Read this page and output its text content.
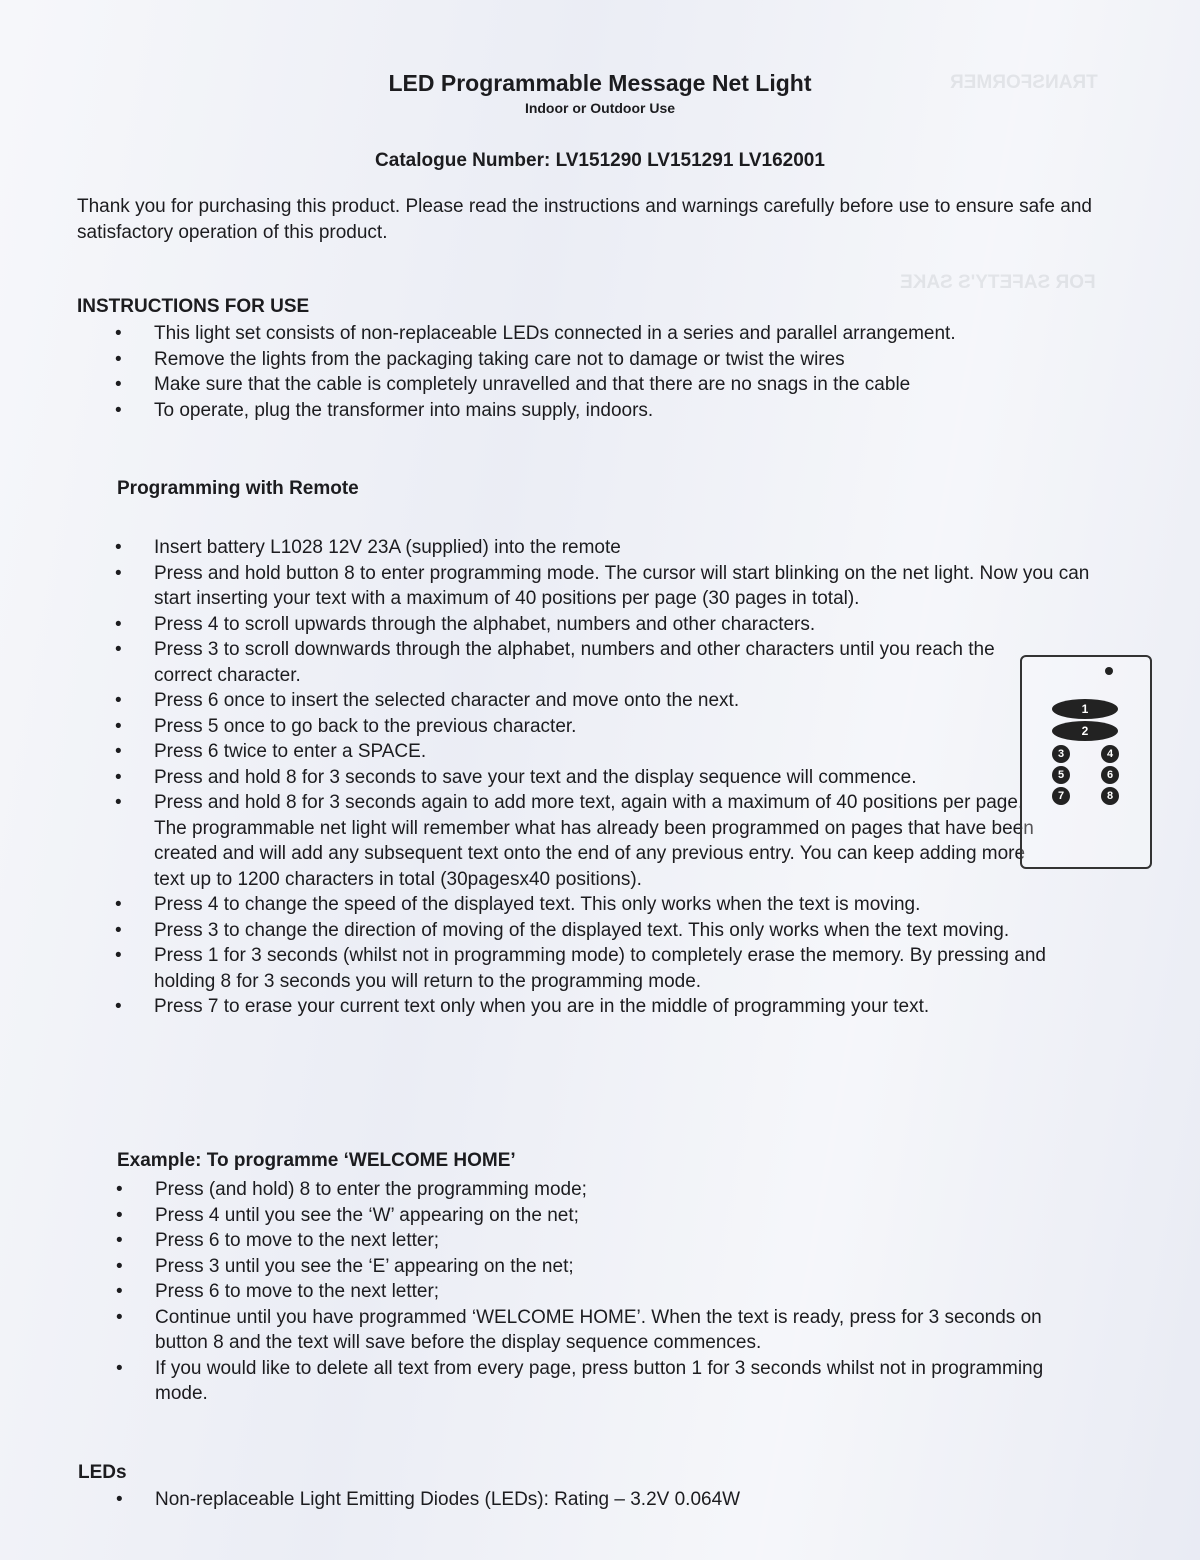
TRANSFORMER
FOR SAFETY'S SAKE
LED Programmable Message Net Light
Indoor or Outdoor Use
Catalogue Number: LV151290 LV151291 LV162001

Thank you for purchasing this product. Please read the instructions and warnings carefully before use to ensure safe and satisfactory operation of this product.

INSTRUCTIONS FOR USE
• This light set consists of non-replaceable LEDs connected in a series and parallel arrangement.
• Remove the lights from the packaging taking care not to damage or twist the wires
• Make sure that the cable is completely unravelled and that there are no snags in the cable
• To operate, plug the transformer into mains supply, indoors.
Programming with Remote
• Insert battery L1028 12V 23A (supplied) into the remote
• Press and hold button 8 to enter programming mode. The cursor will start blinking on the net light. Now you can start inserting your text with a maximum of 40 positions per page (30 pages in total).
• Press 4 to scroll upwards through the alphabet, numbers and other characters.
• Press 3 to scroll downwards through the alphabet, numbers and other characters until you reach the correct character.
• Press 6 once to insert the selected character and move onto the next.
• Press 5 once to go back to the previous character.
• Press 6 twice to enter a SPACE.
• Press and hold 8 for 3 seconds to save your text and the display sequence will commence.
• Press and hold 8 for 3 seconds again to add more text, again with a maximum of 40 positions per page. The programmable net light will remember what has already been programmed on pages that have been created and will add any subsequent text onto the end of any previous entry. You can keep adding more text up to 1200 characters in total (30pagesx40 positions).
• Press 4 to change the speed of the displayed text. This only works when the text is moving.
• Press 3 to change the direction of moving of the displayed text. This only works when the text moving.
• Press 1 for 3 seconds (whilst not in programming mode) to completely erase the memory. By pressing and holding 8 for 3 seconds you will return to the programming mode.
• Press 7 to erase your current text only when you are in the middle of programming your text.
1
2
3	4
5	6
7	8
Example: To programme ‘WELCOME HOME’
• Press (and hold) 8 to enter the programming mode;
• Press 4 until you see the ‘W’ appearing on the net;
• Press 6 to move to the next letter;
• Press 3 until you see the ‘E’ appearing on the net;
• Press 6 to move to the next letter;
• Continue until you have programmed ‘WELCOME HOME’. When the text is ready, press for 3 seconds on button 8 and the text will save before the display sequence commences.
• If you would like to delete all text from every page, press button 1 for 3 seconds whilst not in programming mode.
LEDs
• Non-replaceable Light Emitting Diodes (LEDs): Rating – 3.2V 0.064W
